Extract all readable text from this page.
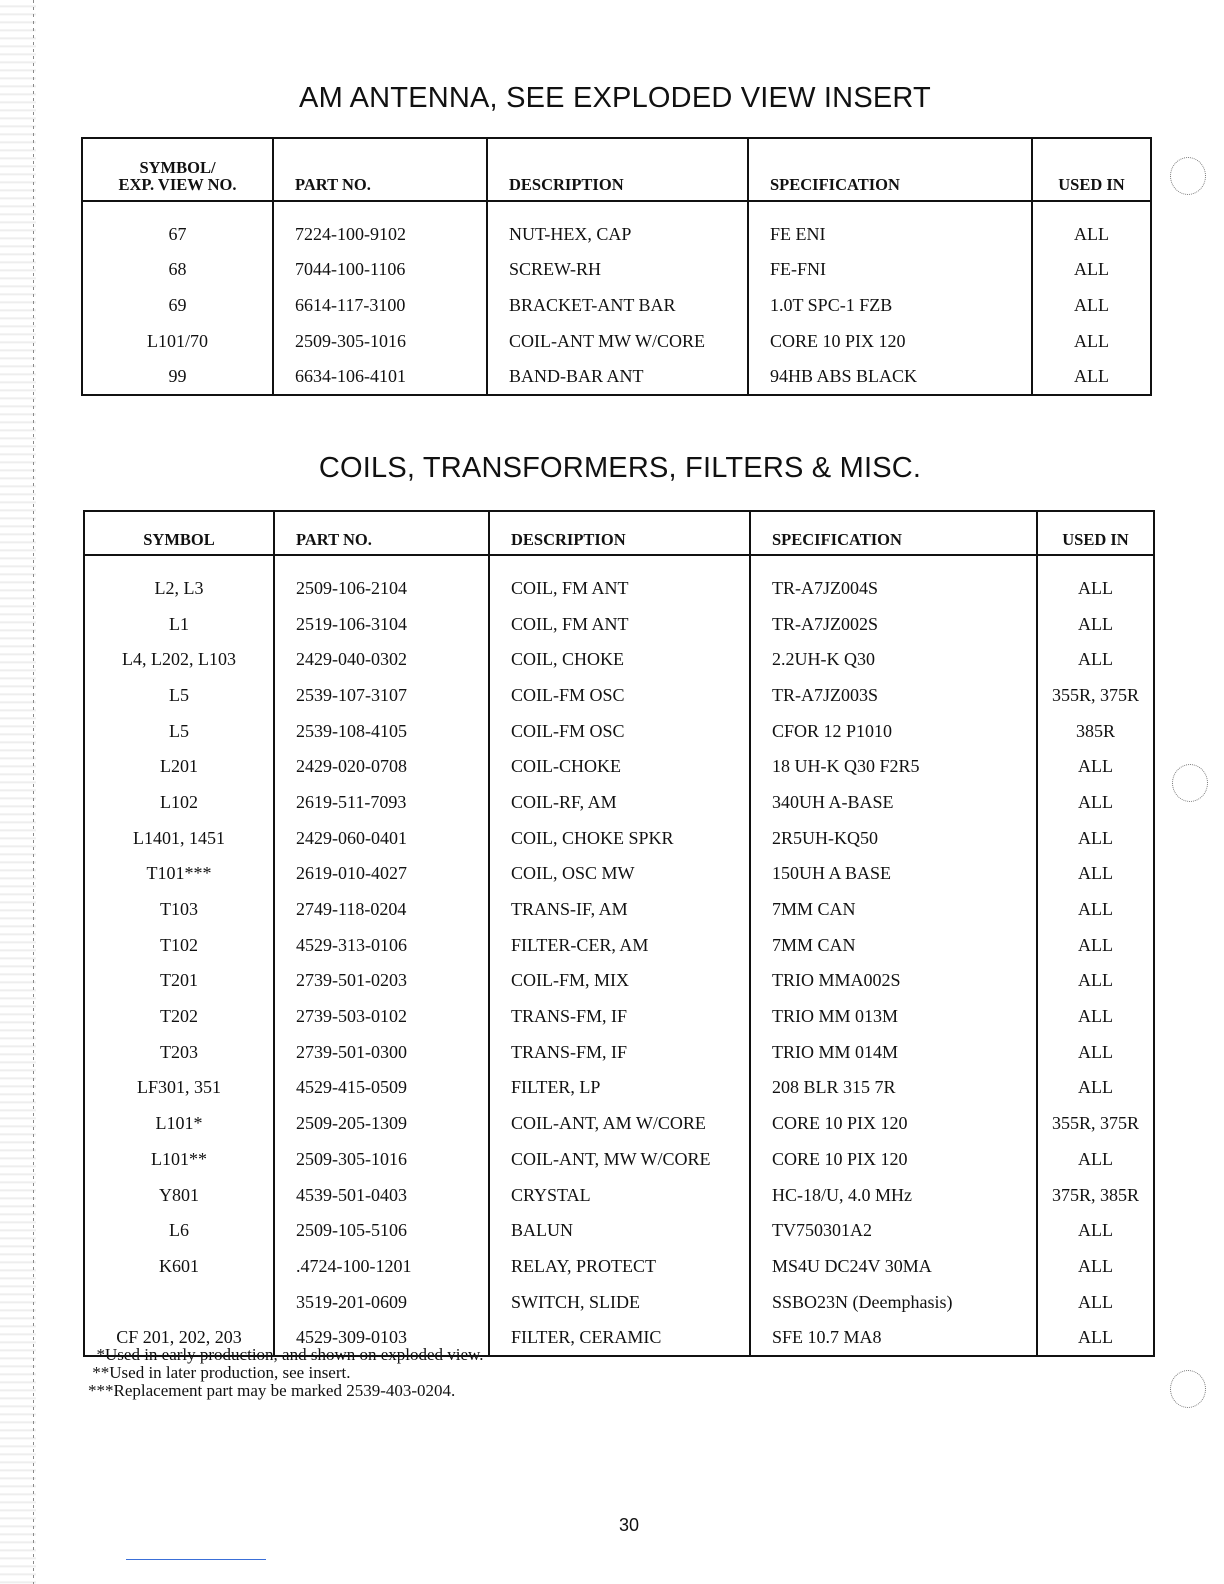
AM ANTENNA, SEE EXPLODED VIEW INSERT
SYMBOL/
EXP. VIEW NO.	PART NO.	DESCRIPTION	SPECIFICATION	USED IN
67	7224-100-9102	NUT-HEX, CAP	FE ENI	ALL
68	7044-100-1106	SCREW-RH	FE-FNI	ALL
69	6614-117-3100	BRACKET-ANT BAR	1.0T SPC-1 FZB	ALL
L101/70	2509-305-1016	COIL-ANT MW W/CORE	CORE 10 PIX 120	ALL
99	6634-106-4101	BAND-BAR ANT	94HB ABS BLACK	ALL
COILS, TRANSFORMERS, FILTERS & MISC.
SYMBOL	PART NO.	DESCRIPTION	SPECIFICATION	USED IN
L2, L3	2509-106-2104	COIL, FM ANT	TR-A7JZ004S	ALL
L1	2519-106-3104	COIL, FM ANT	TR-A7JZ002S	ALL
L4, L202, L103	2429-040-0302	COIL, CHOKE	2.2UH-K Q30	ALL
L5	2539-107-3107	COIL-FM OSC	TR-A7JZ003S	355R, 375R
L5	2539-108-4105	COIL-FM OSC	CFOR 12 P1010	385R
L201	2429-020-0708	COIL-CHOKE	18 UH-K Q30 F2R5	ALL
L102	2619-511-7093	COIL-RF, AM	340UH A-BASE	ALL
L1401, 1451	2429-060-0401	COIL, CHOKE SPKR	2R5UH-KQ50	ALL
T101***	2619-010-4027	COIL, OSC MW	150UH A BASE	ALL
T103	2749-118-0204	TRANS-IF, AM	7MM CAN	ALL
T102	4529-313-0106	FILTER-CER, AM	7MM CAN	ALL
T201	2739-501-0203	COIL-FM, MIX	TRIO MMA002S	ALL
T202	2739-503-0102	TRANS-FM, IF	TRIO MM 013M	ALL
T203	2739-501-0300	TRANS-FM, IF	TRIO MM 014M	ALL
LF301, 351	4529-415-0509	FILTER, LP	208 BLR 315 7R	ALL
L101*	2509-205-1309	COIL-ANT, AM W/CORE	CORE 10 PIX 120	355R, 375R
L101**	2509-305-1016	COIL-ANT, MW W/CORE	CORE 10 PIX 120	ALL
Y801	4539-501-0403	CRYSTAL	HC-18/U, 4.0 MHz	375R, 385R
L6	2509-105-5106	BALUN	TV750301A2	ALL
K601	.4724-100-1201	RELAY, PROTECT	MS4U DC24V 30MA	ALL
	3519-201-0609	SWITCH, SLIDE	SSBO23N (Deemphasis)	ALL
CF 201, 202, 203	4529-309-0103	FILTER, CERAMIC	SFE 10.7 MA8	ALL
*Used in early production, and shown on exploded view.
**Used in later production, see insert.
***Replacement part may be marked 2539-403-0204.
30
